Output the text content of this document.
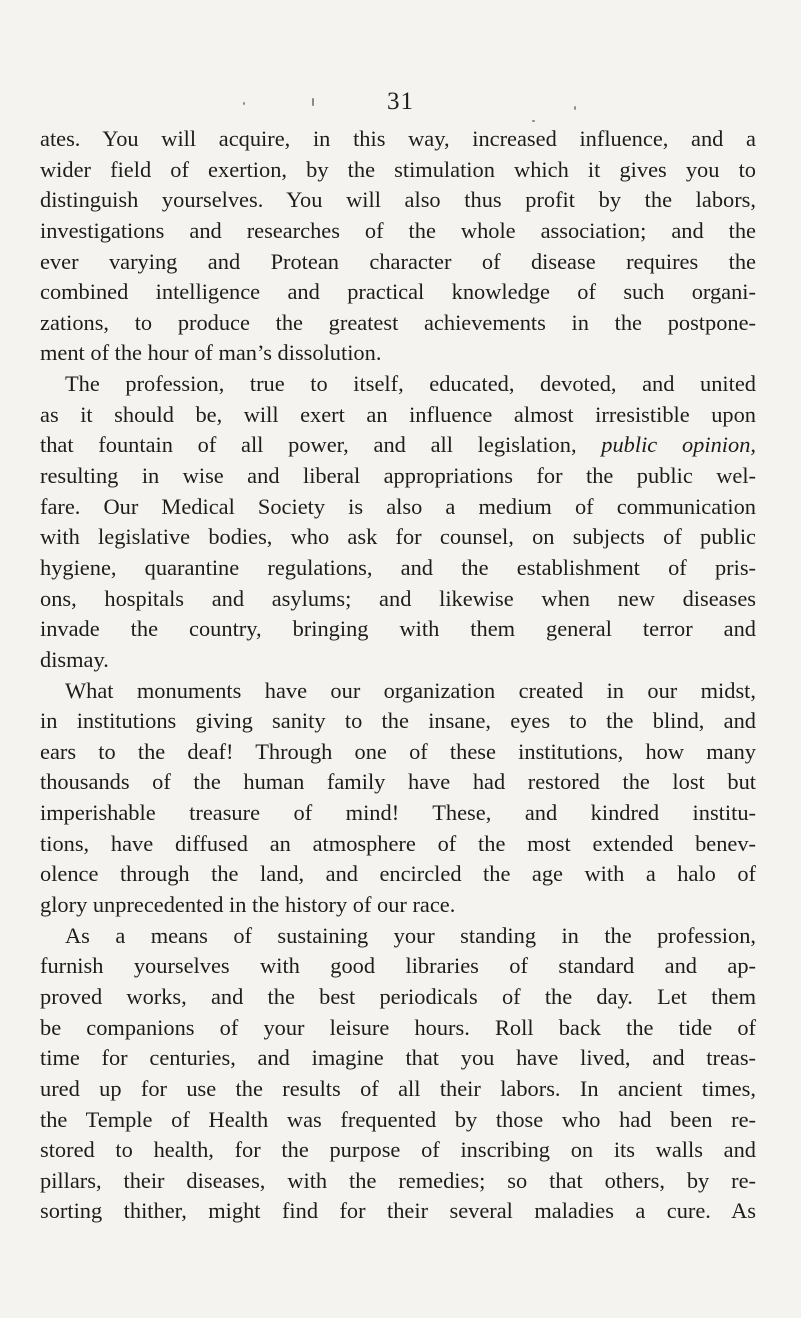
31
ates. You will acquire, in this way, increased influence, and a
wider field of exertion, by the stimulation which it gives you to
distinguish yourselves. You will also thus profit by the labors,
investigations and researches of the whole association; and the
ever varying and Protean character of disease requires the
combined intelligence and practical knowledge of such organi-
zations, to produce the greatest achievements in the postpone-
ment of the hour of man’s dissolution.
The profession, true to itself, educated, devoted, and united
as it should be, will exert an influence almost irresistible upon
that fountain of all power, and all legislation, public opinion,
resulting in wise and liberal appropriations for the public wel-
fare. Our Medical Society is also a medium of communication
with legislative bodies, who ask for counsel, on subjects of public
hygiene, quarantine regulations, and the establishment of pris-
ons, hospitals and asylums; and likewise when new diseases
invade the country, bringing with them general terror and
dismay.
What monuments have our organization created in our midst,
in institutions giving sanity to the insane, eyes to the blind, and
ears to the deaf! Through one of these institutions, how many
thousands of the human family have had restored the lost but
imperishable treasure of mind! These, and kindred institu-
tions, have diffused an atmosphere of the most extended benev-
olence through the land, and encircled the age with a halo of
glory unprecedented in the history of our race.
As a means of sustaining your standing in the profession,
furnish yourselves with good libraries of standard and ap-
proved works, and the best periodicals of the day. Let them
be companions of your leisure hours. Roll back the tide of
time for centuries, and imagine that you have lived, and treas-
ured up for use the results of all their labors. In ancient times,
the Temple of Health was frequented by those who had been re-
stored to health, for the purpose of inscribing on its walls and
pillars, their diseases, with the remedies; so that others, by re-
sorting thither, might find for their several maladies a cure. As
